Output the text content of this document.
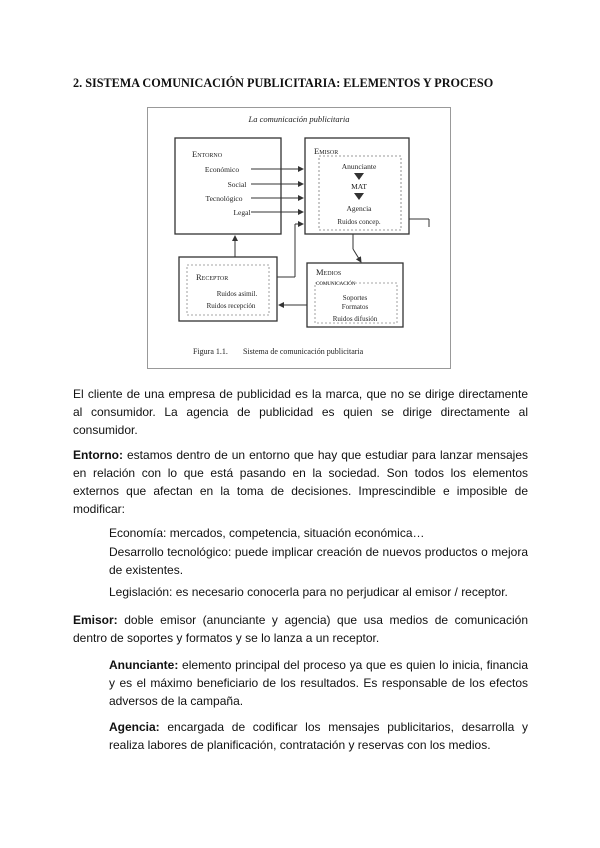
2. SISTEMA COMUNICACIÓN PUBLICITARIA: ELEMENTOS Y PROCESO
La comunicación publicitaria
Entorno
Económico
Social
Tecnológico
Legal
Emisor
Anunciante
MAT
Agencia
Ruidos concep.
Receptor
Ruidos asimil.
Ruidos recepción
Medios
comunicación
Soportes
Formatos
Ruidos difusión
Figura 1.1. Sistema de comunicación publicitaria

El cliente de una empresa de publicidad es la marca, que no se dirige directamente al consumidor. La agencia de publicidad es quien se dirige directamente al consumidor.

Entorno: estamos dentro de un entorno que hay que estudiar para lanzar mensajes en relación con lo que está pasando en la sociedad. Son todos los elementos externos que afectan en la toma de decisiones. Imprescindible e imposible de modificar:

Economía: mercados, competencia, situación económica…

Desarrollo tecnológico: puede implicar creación de nuevos productos o mejora de existentes.

Legislación: es necesario conocerla para no perjudicar al emisor / receptor.

Emisor: doble emisor (anunciante y agencia) que usa medios de comunicación dentro de soportes y formatos y se lo lanza a un receptor.

Anunciante: elemento principal del proceso ya que es quien lo inicia, financia y es el máximo beneficiario de los resultados. Es responsable de los efectos adversos de la campaña.

Agencia: encargada de codificar los mensajes publicitarios, desarrolla y realiza labores de planificación, contratación y reservas con los medios.
